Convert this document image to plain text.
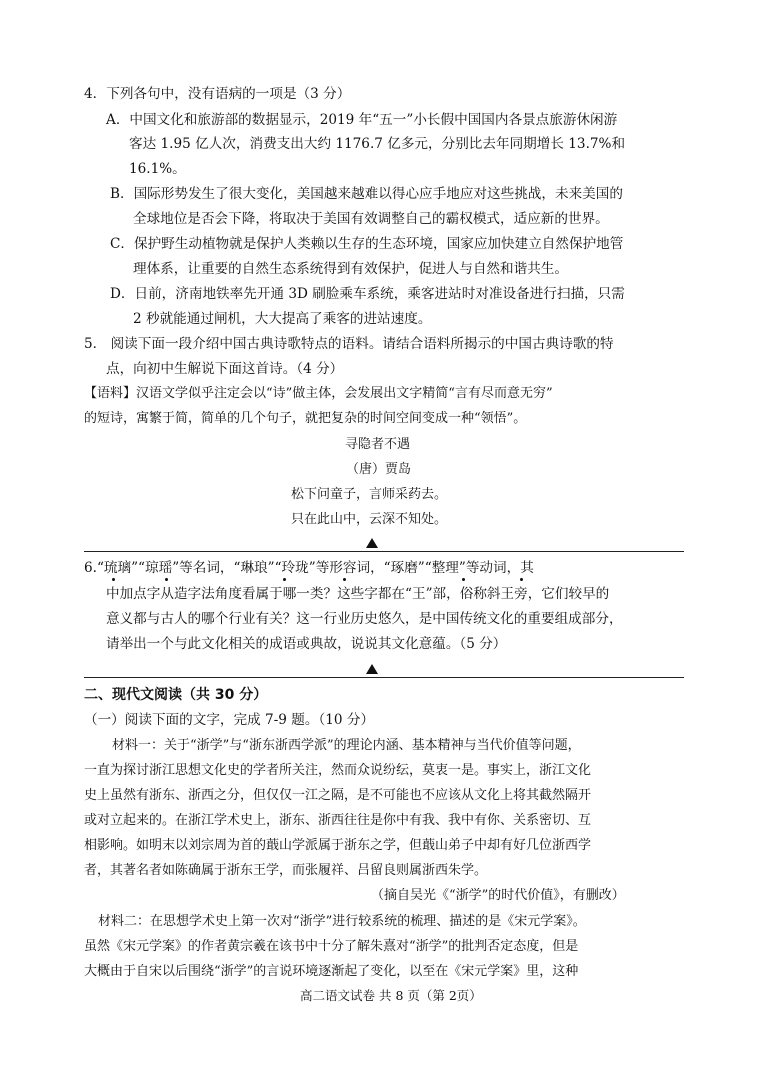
4．下列各句中，没有语病的一项是（3 分）
A．中国文化和旅游部的数据显示，2019 年“五一”小长假中国国内各景点旅游休闲游
客达 1.95 亿人次，消费支出大约 1176.7 亿多元，分别比去年同期增长 13.7%和
16.1%。
B．国际形势发生了很大变化，美国越来越难以得心应手地应对这些挑战，未来美国的
全球地位是否会下降，将取决于美国有效调整自己的霸权模式，适应新的世界。
C．保护野生动植物就是保护人类赖以生存的生态环境，国家应加快建立自然保护地管
理体系，让重要的自然生态系统得到有效保护，促进人与自然和谐共生。
D．日前，济南地铁率先开通 3D 刷脸乘车系统，乘客进站时对准设备进行扫描，只需
2 秒就能通过闸机，大大提高了乘客的进站速度。
5． 阅读下面一段介绍中国古典诗歌特点的语料。请结合语料所揭示的中国古典诗歌的特
点，向初中生解说下面这首诗。（4 分）
【语料】汉语文学似乎注定会以“诗”做主体，会发展出文字精简“言有尽而意无穷”
的短诗，寓繁于简，简单的几个句子，就把复杂的时间空间变成一种“领悟”。
寻隐者不遇
（唐）贾岛
松下问童子，言师采药去。
只在此山中，云深不知处。
6.“琉璃”“琼瑶”等名词，“琳琅”“玲珑”等形容词，“琢磨”“整理”等动词，其
中加点字从造字法角度看属于哪一类？这些字都在“王”部，俗称斜王旁，它们较早的
意义都与古人的哪个行业有关？这一行业历史悠久，是中国传统文化的重要组成部分，
请举出一个与此文化相关的成语或典故，说说其文化意蕴。（5 分）
二、现代文阅读（共 30 分）
（一）阅读下面的文字，完成 7-9 题。（10 分）
材料一：关于“浙学”与“浙东浙西学派”的理论内涵、基本精神与当代价值等问题，
一直为探讨浙江思想文化史的学者所关注，然而众说纷纭，莫衷一是。事实上，浙江文化
史上虽然有浙东、浙西之分，但仅仅一江之隔，是不可能也不应该从文化上将其截然隔开
或对立起来的。在浙江学术史上，浙东、浙西往往是你中有我、我中有你、关系密切、互
相影响。如明末以刘宗周为首的蕺山学派属于浙东之学，但蕺山弟子中却有好几位浙西学
者，其著名者如陈确属于浙东王学，而张履祥、吕留良则属浙西朱学。
（摘自吴光《“浙学”的时代价值》，有删改）
材料二：在思想学术史上第一次对“浙学”进行较系统的梳理、描述的是《宋元学案》。
虽然《宋元学案》的作者黄宗羲在该书中十分了解朱熹对“浙学”的批判否定态度，但是
大概由于自宋以后围绕“浙学”的言说环境逐渐起了变化，以至在《宋元学案》里，这种
高二语文试卷 共 8 页（第 2页）
